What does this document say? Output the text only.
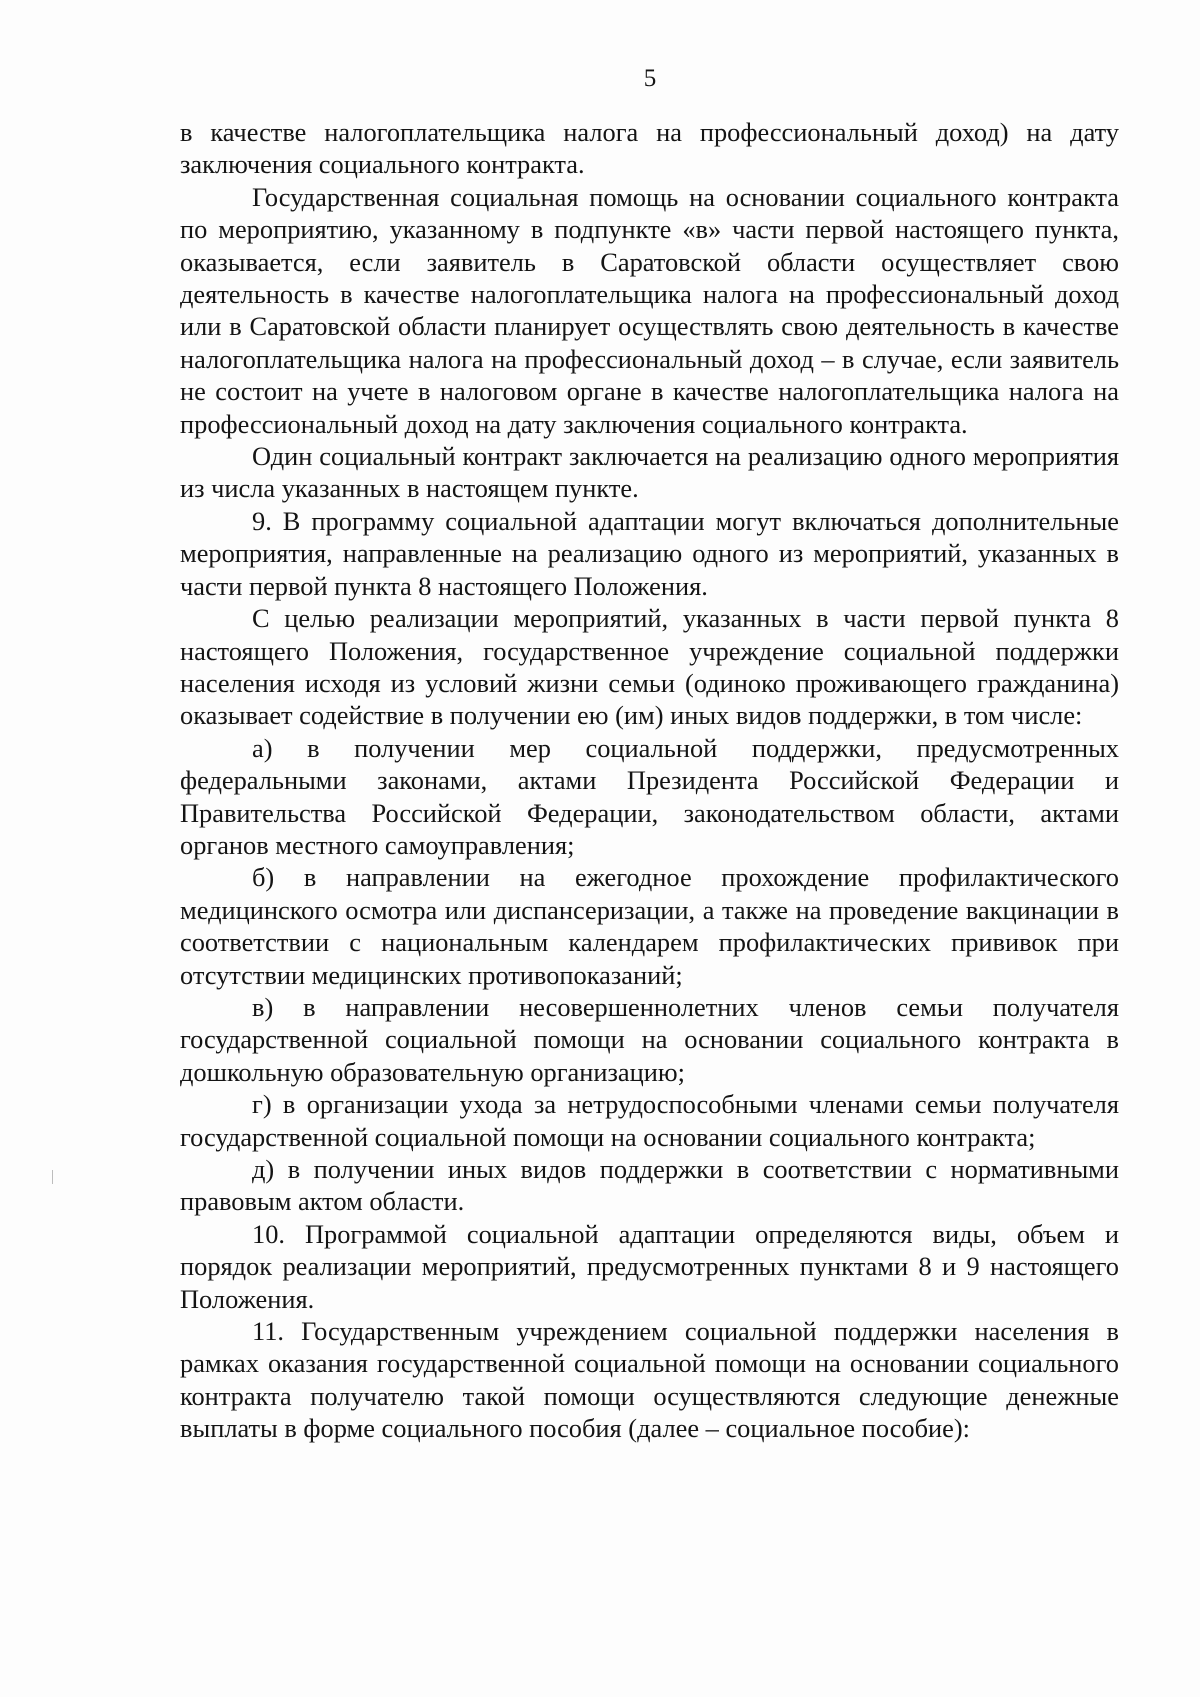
5

в качестве налогоплательщика налога на профессиональный доход) на дату заключения социального контракта.

Государственная социальная помощь на основании социального контракта по мероприятию, указанному в подпункте «в» части первой настоящего пункта, оказывается, если заявитель в Саратовской области осуществляет свою деятельность в качестве налогоплательщика налога на профессиональный доход или в Саратовской области планирует осуществлять свою деятельность в качестве налогоплательщика налога на профессиональный доход – в случае, если заявитель не состоит на учете в налоговом органе в качестве налогоплательщика налога на профессиональный доход на дату заключения социального контракта.

Один социальный контракт заключается на реализацию одного мероприятия из числа указанных в настоящем пункте.

9. В программу социальной адаптации могут включаться дополнительные мероприятия, направленные на реализацию одного из мероприятий, указанных в части первой пункта 8 настоящего Положения.

С целью реализации мероприятий, указанных в части первой пункта 8 настоящего Положения, государственное учреждение социальной поддержки населения исходя из условий жизни семьи (одиноко проживающего гражданина) оказывает содействие в получении ею (им) иных видов поддержки, в том числе:

а) в получении мер социальной поддержки, предусмотренных федеральными законами, актами Президента Российской Федерации и Правительства Российской Федерации, законодательством области, актами органов местного самоуправления;

б) в направлении на ежегодное прохождение профилактического медицинского осмотра или диспансеризации, а также на проведение вакцинации в соответствии с национальным календарем профилактических прививок при отсутствии медицинских противопоказаний;

в) в направлении несовершеннолетних членов семьи получателя государственной социальной помощи на основании социального контракта в дошкольную образовательную организацию;

г) в организации ухода за нетрудоспособными членами семьи получателя государственной социальной помощи на основании социального контракта;

д) в получении иных видов поддержки в соответствии с нормативными правовым актом области.

10. Программой социальной адаптации определяются виды, объем и порядок реализации мероприятий, предусмотренных пунктами 8 и 9 настоящего Положения.

11. Государственным учреждением социальной поддержки населения в рамках оказания государственной социальной помощи на основании социального контракта получателю такой помощи осуществляются следующие денежные выплаты в форме социального пособия (далее – социальное пособие):
